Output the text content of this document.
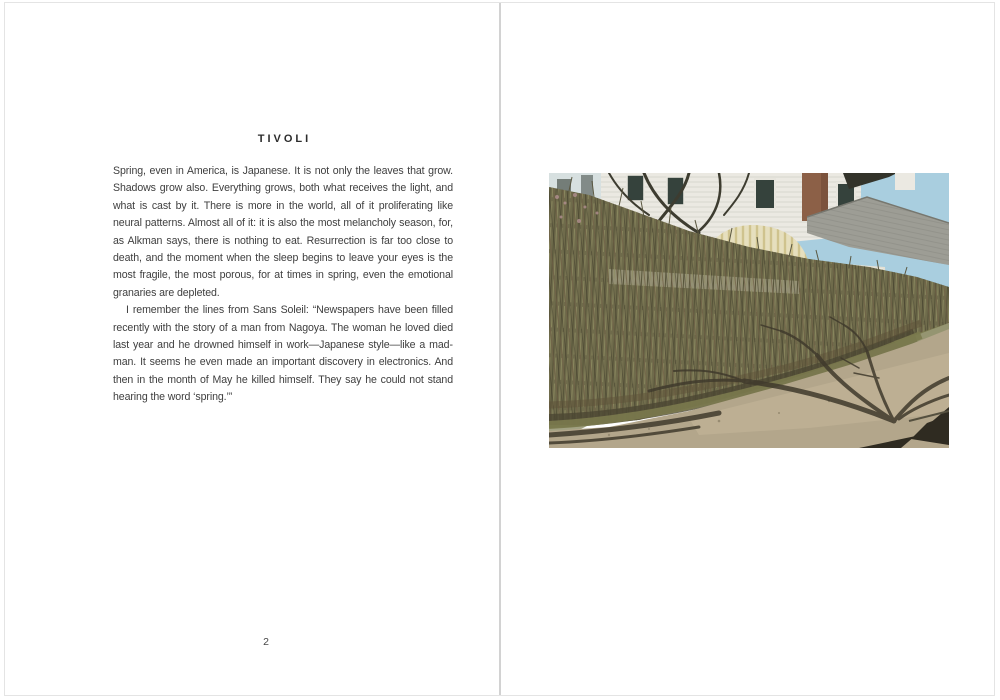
TIVOLI

Spring, even in America, is Japanese. It is not only the leaves that grow. Shadows grow also. Everything grows, both what receives the light, and what is cast by it. There is more in the world, all of it proliferating like neural patterns. Almost all of it: it is also the most melancholy season, for, as Alkman says, there is nothing to eat. Resurrection is far too close to death, and the moment when the sleep begins to leave your eyes is the most fragile, the most porous, for at times in spring, even the emotional granaries are depleted.

I remember the lines from Sans Soleil: “Newspapers have been filled recently with the story of a man from Nagoya. The woman he loved died last year and he drowned himself in work—Japanese style—like a madman. It seems he even made an important discovery in electronics. And then in the month of May he killed himself. They say he could not stand hearing the word ‘spring.’”

2
